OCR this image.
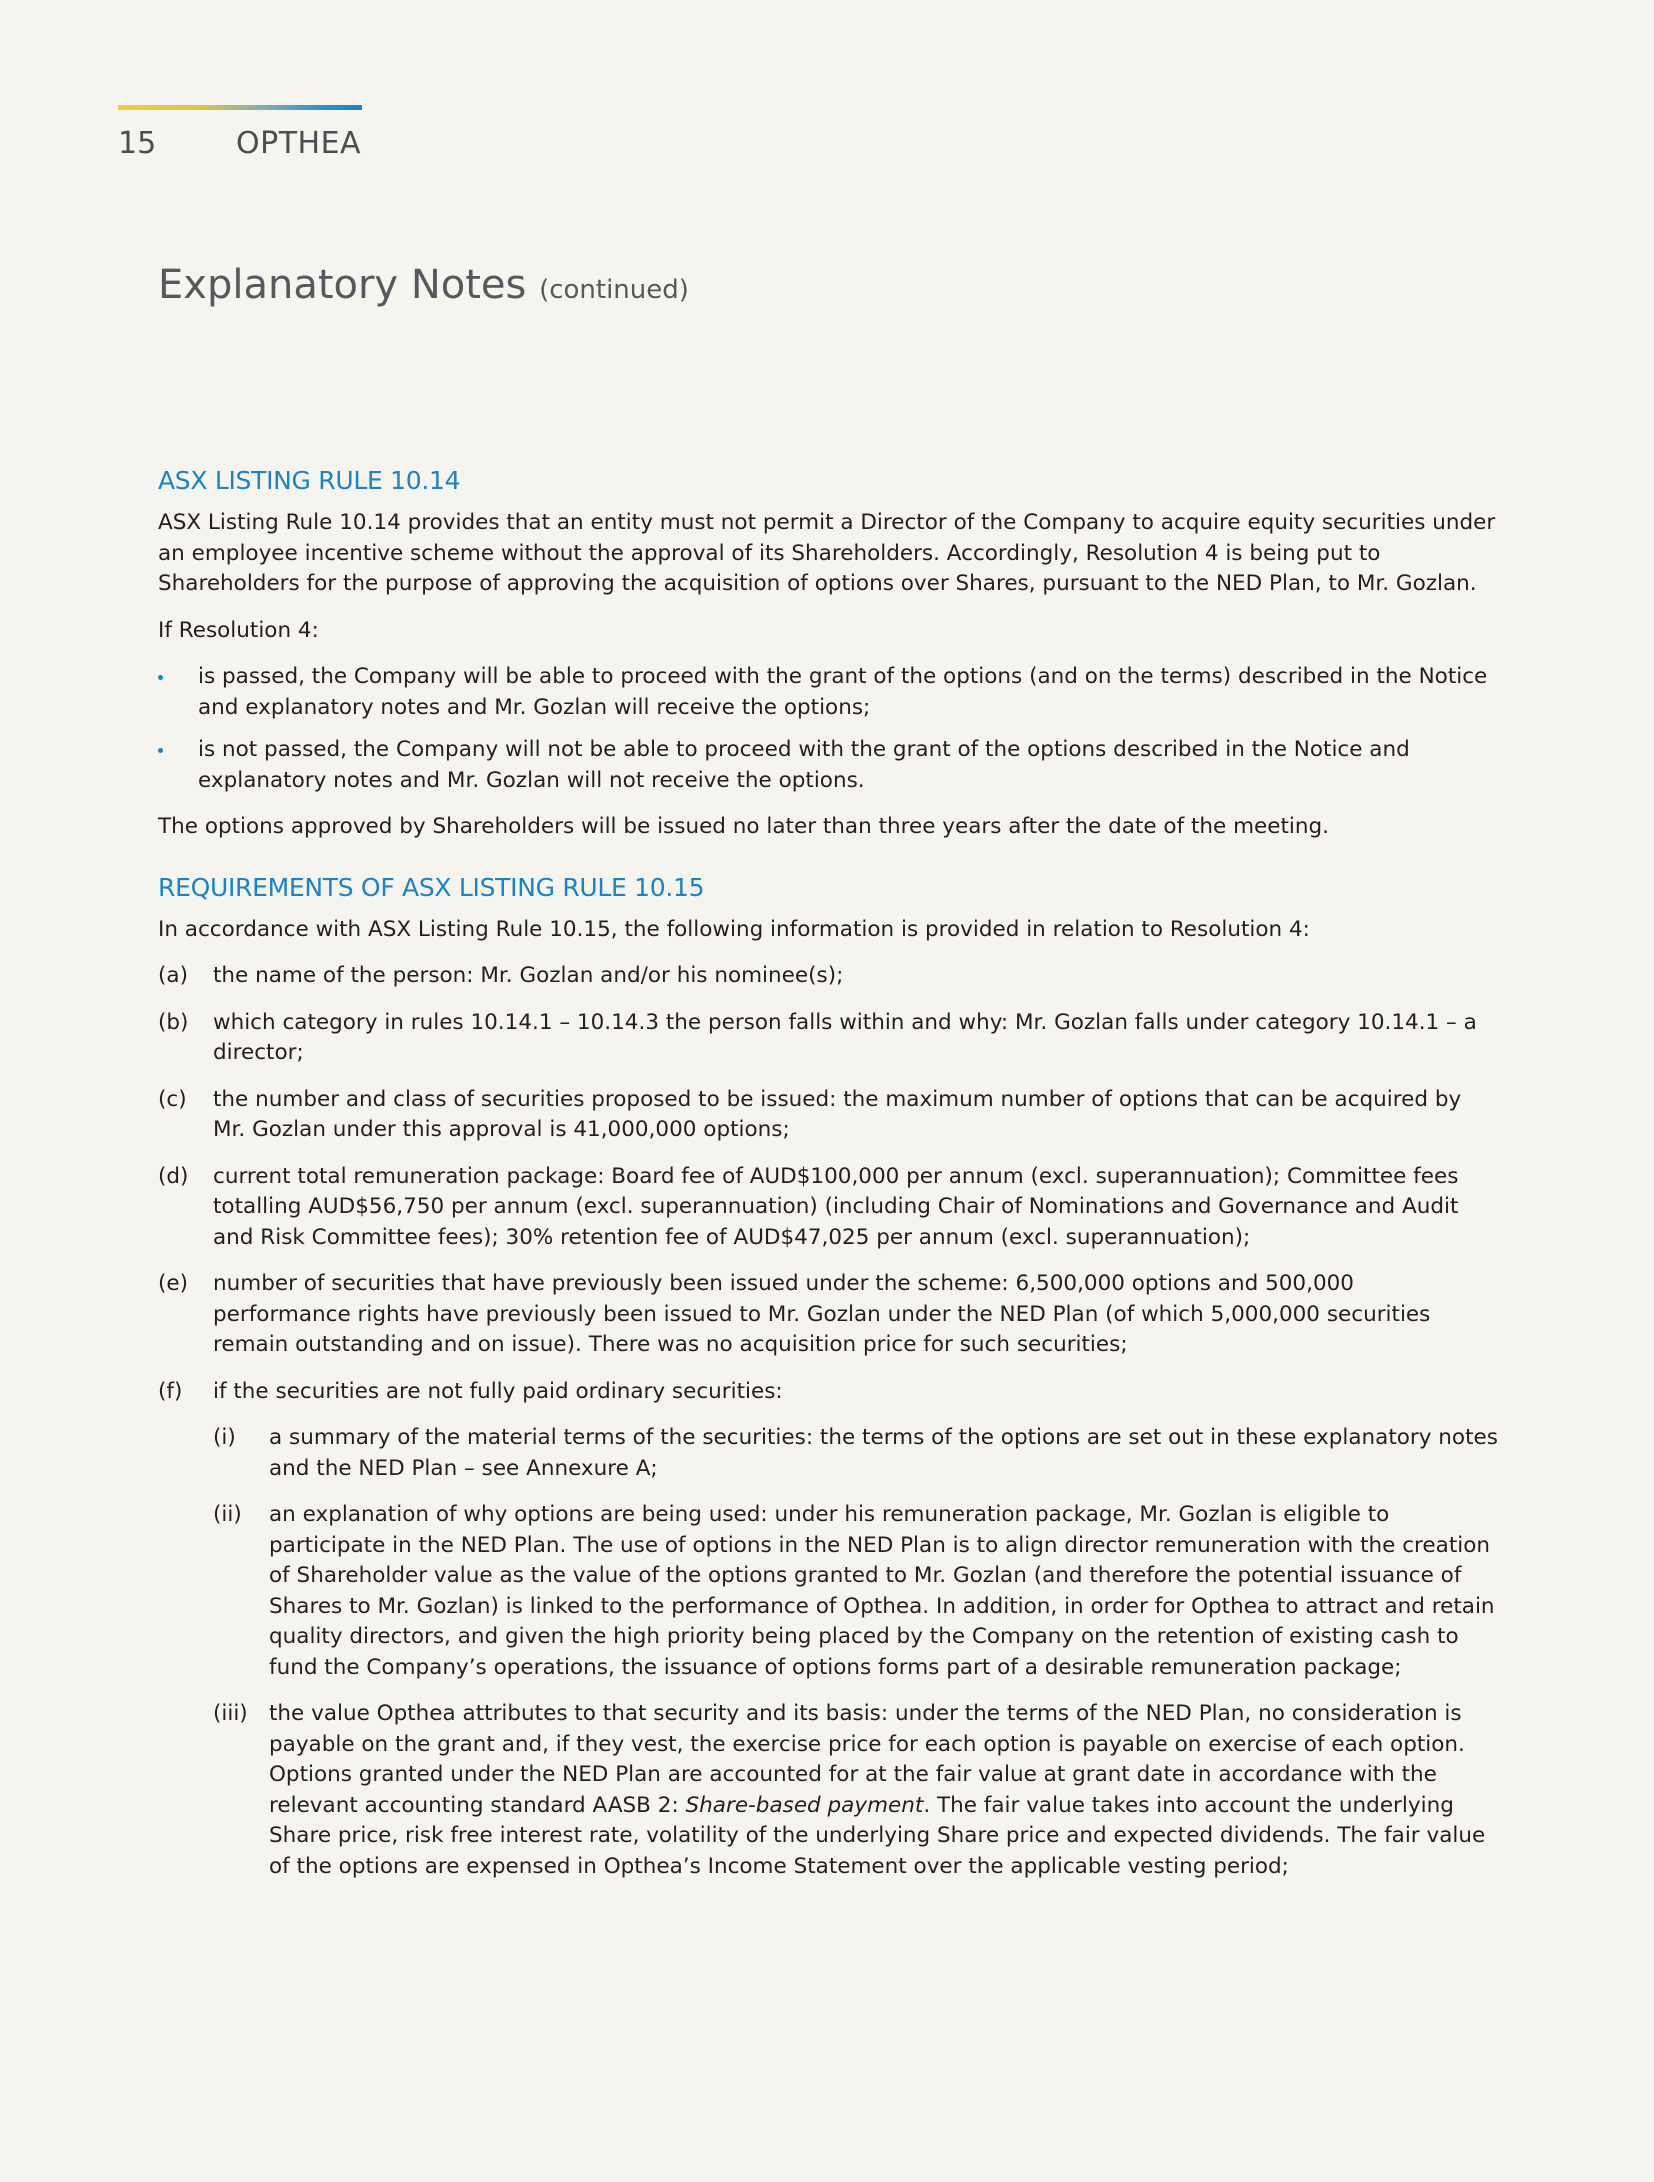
15	OPTHEA
Explanatory Notes (continued)
ASX LISTING RULE 10.14

ASX Listing Rule 10.14 provides that an entity must not permit a Director of the Company to acquire equity securities under an employee incentive scheme without the approval of its Shareholders. Accordingly, Resolution 4 is being put to Shareholders for the purpose of approving the acquisition of options over Shares, pursuant to the NED Plan, to Mr. Gozlan.

If Resolution 4:

is passed, the Company will be able to proceed with the grant of the options (and on the terms) described in the Notice and explanatory notes and Mr. Gozlan will receive the options;
is not passed, the Company will not be able to proceed with the grant of the options described in the Notice and explanatory notes and Mr. Gozlan will not receive the options.

The options approved by Shareholders will be issued no later than three years after the date of the meeting.

REQUIREMENTS OF ASX LISTING RULE 10.15

In accordance with ASX Listing Rule 10.15, the following information is provided in relation to Resolution 4:

(a)	the name of the person: Mr. Gozlan and/or his nominee(s);
(b)	which category in rules 10.14.1 – 10.14.3 the person falls within and why: Mr. Gozlan falls under category 10.14.1 – a director;
(c)	the number and class of securities proposed to be issued: the maximum number of options that can be acquired by Mr. Gozlan under this approval is 41,000,000 options;
(d)	current total remuneration package: Board fee of AUD$100,000 per annum (excl. superannuation); Committee fees totalling AUD$56,750 per annum (excl. superannuation) (including Chair of Nominations and Governance and Audit and Risk Committee fees); 30% retention fee of AUD$47,025 per annum (excl. superannuation);
(e)	number of securities that have previously been issued under the scheme: 6,500,000 options and 500,000 performance rights have previously been issued to Mr. Gozlan under the NED Plan (of which 5,000,000 securities remain outstanding and on issue). There was no acquisition price for such securities;
(f)	if the securities are not fully paid ordinary securities:
(i)	a summary of the material terms of the securities: the terms of the options are set out in these explanatory notes and the NED Plan – see Annexure A;
(ii)	an explanation of why options are being used: under his remuneration package, Mr. Gozlan is eligible to participate in the NED Plan. The use of options in the NED Plan is to align director remuneration with the creation of Shareholder value as the value of the options granted to Mr. Gozlan (and therefore the potential issuance of Shares to Mr. Gozlan) is linked to the performance of Opthea. In addition, in order for Opthea to attract and retain quality directors, and given the high priority being placed by the Company on the retention of existing cash to fund the Company’s operations, the issuance of options forms part of a desirable remuneration package;
(iii) the value Opthea attributes to that security and its basis: under the terms of the NED Plan, no consideration is payable on the grant and, if they vest, the exercise price for each option is payable on exercise of each option. Options granted under the NED Plan are accounted for at the fair value at grant date in accordance with the relevant accounting standard AASB 2: Share-based payment. The fair value takes into account the underlying Share price, risk free interest rate, volatility of the underlying Share price and expected dividends. The fair value of the options are expensed in Opthea’s Income Statement over the applicable vesting period;
